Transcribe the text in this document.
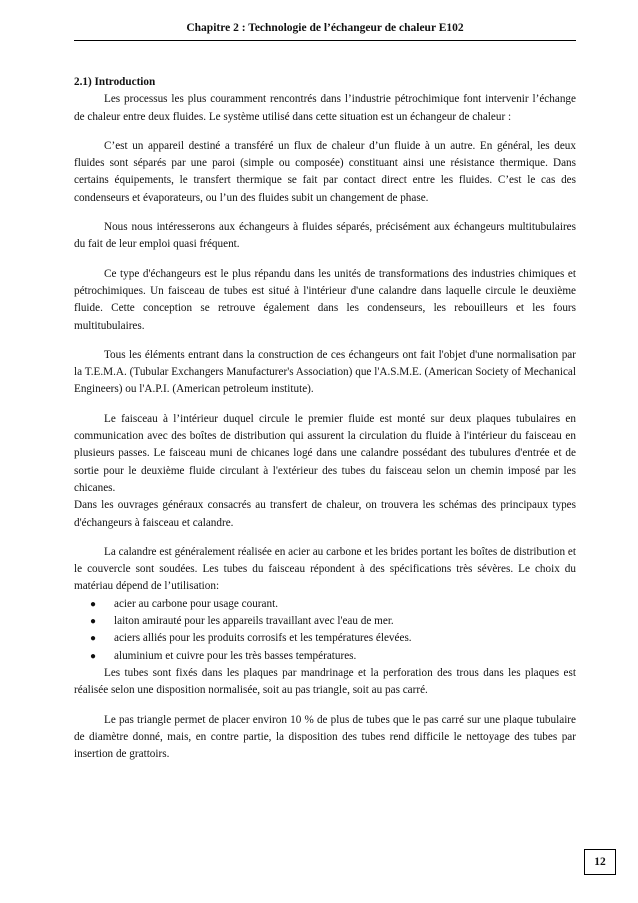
Chapitre 2 : Technologie de l’échangeur de chaleur E102

2.1) Introduction

Les processus les plus couramment rencontrés dans l’industrie pétrochimique font intervenir l’échange de chaleur entre deux fluides. Le système utilisé dans cette situation est un échangeur de chaleur :

C’est un appareil destiné a transféré un flux de chaleur d’un fluide à un autre. En général, les deux fluides sont séparés par une paroi (simple ou composée) constituant ainsi une résistance thermique. Dans certains équipements, le transfert thermique se fait par contact direct entre les fluides. C’est le cas des condenseurs et évaporateurs, ou l’un des fluides subit un changement de phase.

Nous nous intéresserons aux échangeurs à fluides séparés, précisément aux échangeurs multitubulaires du fait de leur emploi quasi fréquent.

Ce type d'échangeurs est le plus répandu dans les unités de transformations des industries chimiques et pétrochimiques. Un faisceau de tubes est situé à l'intérieur d'une calandre dans laquelle circule le deuxième fluide. Cette conception se retrouve également dans les condenseurs, les rebouilleurs et les fours multitubulaires.

Tous les éléments entrant dans la construction de ces échangeurs ont fait l'objet d'une normalisation par la T.E.M.A. (Tubular Exchangers Manufacturer's Association) que l'A.S.M.E. (American Society of Mechanical Engineers) ou l'A.P.I. (American petroleum institute).

Le faisceau à l’intérieur duquel circule le premier fluide est monté sur deux plaques tubulaires en communication avec des boîtes de distribution qui assurent la circulation du fluide à l'intérieur du faisceau en plusieurs passes. Le faisceau muni de chicanes logé dans une calandre possédant des tubulures d'entrée et de sortie pour le deuxième fluide circulant à l'extérieur des tubes du faisceau selon un chemin imposé par les chicanes.

Dans les ouvrages généraux consacrés au transfert de chaleur, on trouvera les schémas des principaux types d'échangeurs à faisceau et calandre.

La calandre est généralement réalisée en acier au carbone et les brides portant les boîtes de distribution et le couvercle sont soudées. Les tubes du faisceau répondent à des spécifications très sévères. Le choix du matériau dépend de l’utilisation:

● acier au carbone pour usage courant.
● laiton amirauté pour les appareils travaillant avec l'eau de mer.
● aciers alliés pour les produits corrosifs et les températures élevées.
● aluminium et cuivre pour les très basses températures.

Les tubes sont fixés dans les plaques par mandrinage et la perforation des trous dans les plaques est réalisée selon une disposition normalisée, soit au pas triangle, soit au pas carré.

Le pas triangle permet de placer environ 10 % de plus de tubes que le pas carré sur une plaque tubulaire de diamètre donné, mais, en contre partie, la disposition des tubes rend difficile le nettoyage des tubes par insertion de grattoirs.

12
